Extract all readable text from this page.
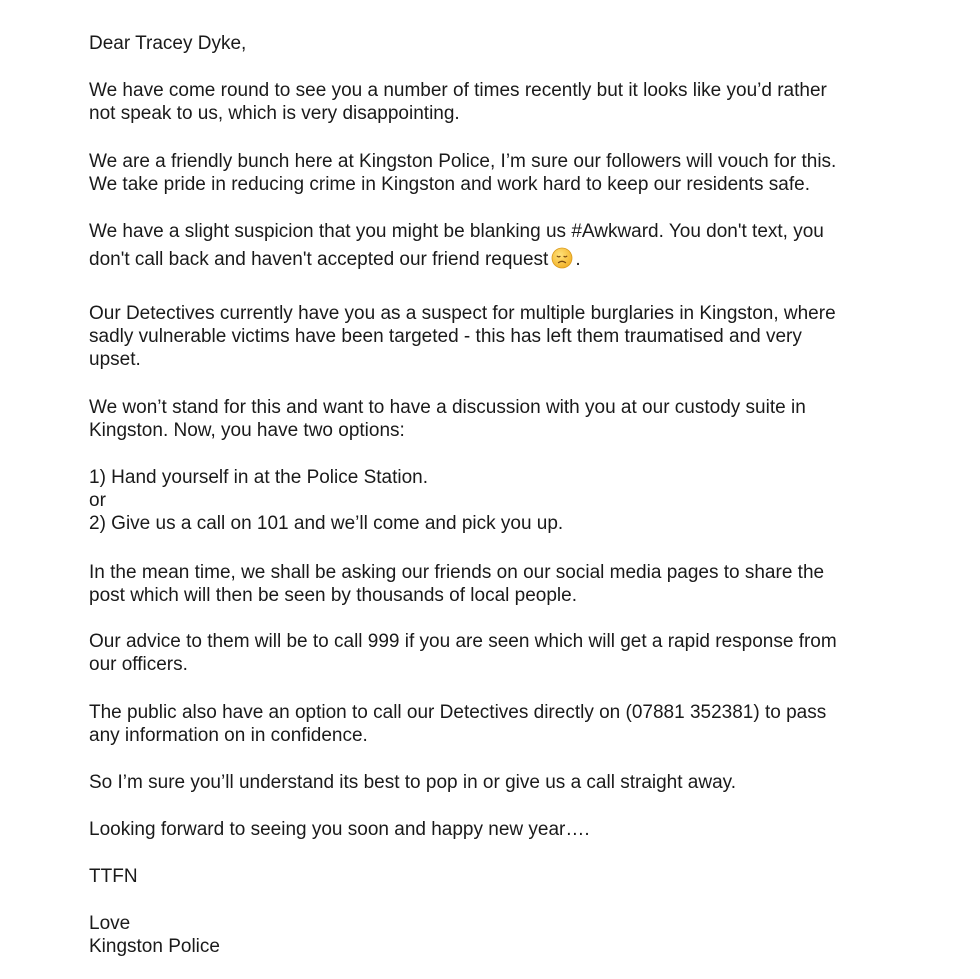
Dear Tracey Dyke,

We have come round to see you a number of times recently but it looks like you’d rather
not speak to us, which is very disappointing.

We are a friendly bunch here at Kingston Police, I’m sure our followers will vouch for this.
We take pride in reducing crime in Kingston and work hard to keep our residents safe.

We have a slight suspicion that you might be blanking us #Awkward. You don't text, you
don't call back and haven't accepted our friend request .

Our Detectives currently have you as a suspect for multiple burglaries in Kingston, where
sadly vulnerable victims have been targeted - this has left them traumatised and very
upset.

We won’t stand for this and want to have a discussion with you at our custody suite in
Kingston. Now, you have two options:

1) Hand yourself in at the Police Station.
or
2) Give us a call on 101 and we’ll come and pick you up.

In the mean time, we shall be asking our friends on our social media pages to share the
post which will then be seen by thousands of local people.

Our advice to them will be to call 999 if you are seen which will get a rapid response from
our officers.

The public also have an option to call our Detectives directly on (07881 352381) to pass
any information on in confidence.

So I’m sure you’ll understand its best to pop in or give us a call straight away.

Looking forward to seeing you soon and happy new year….

TTFN

Love
Kingston Police
